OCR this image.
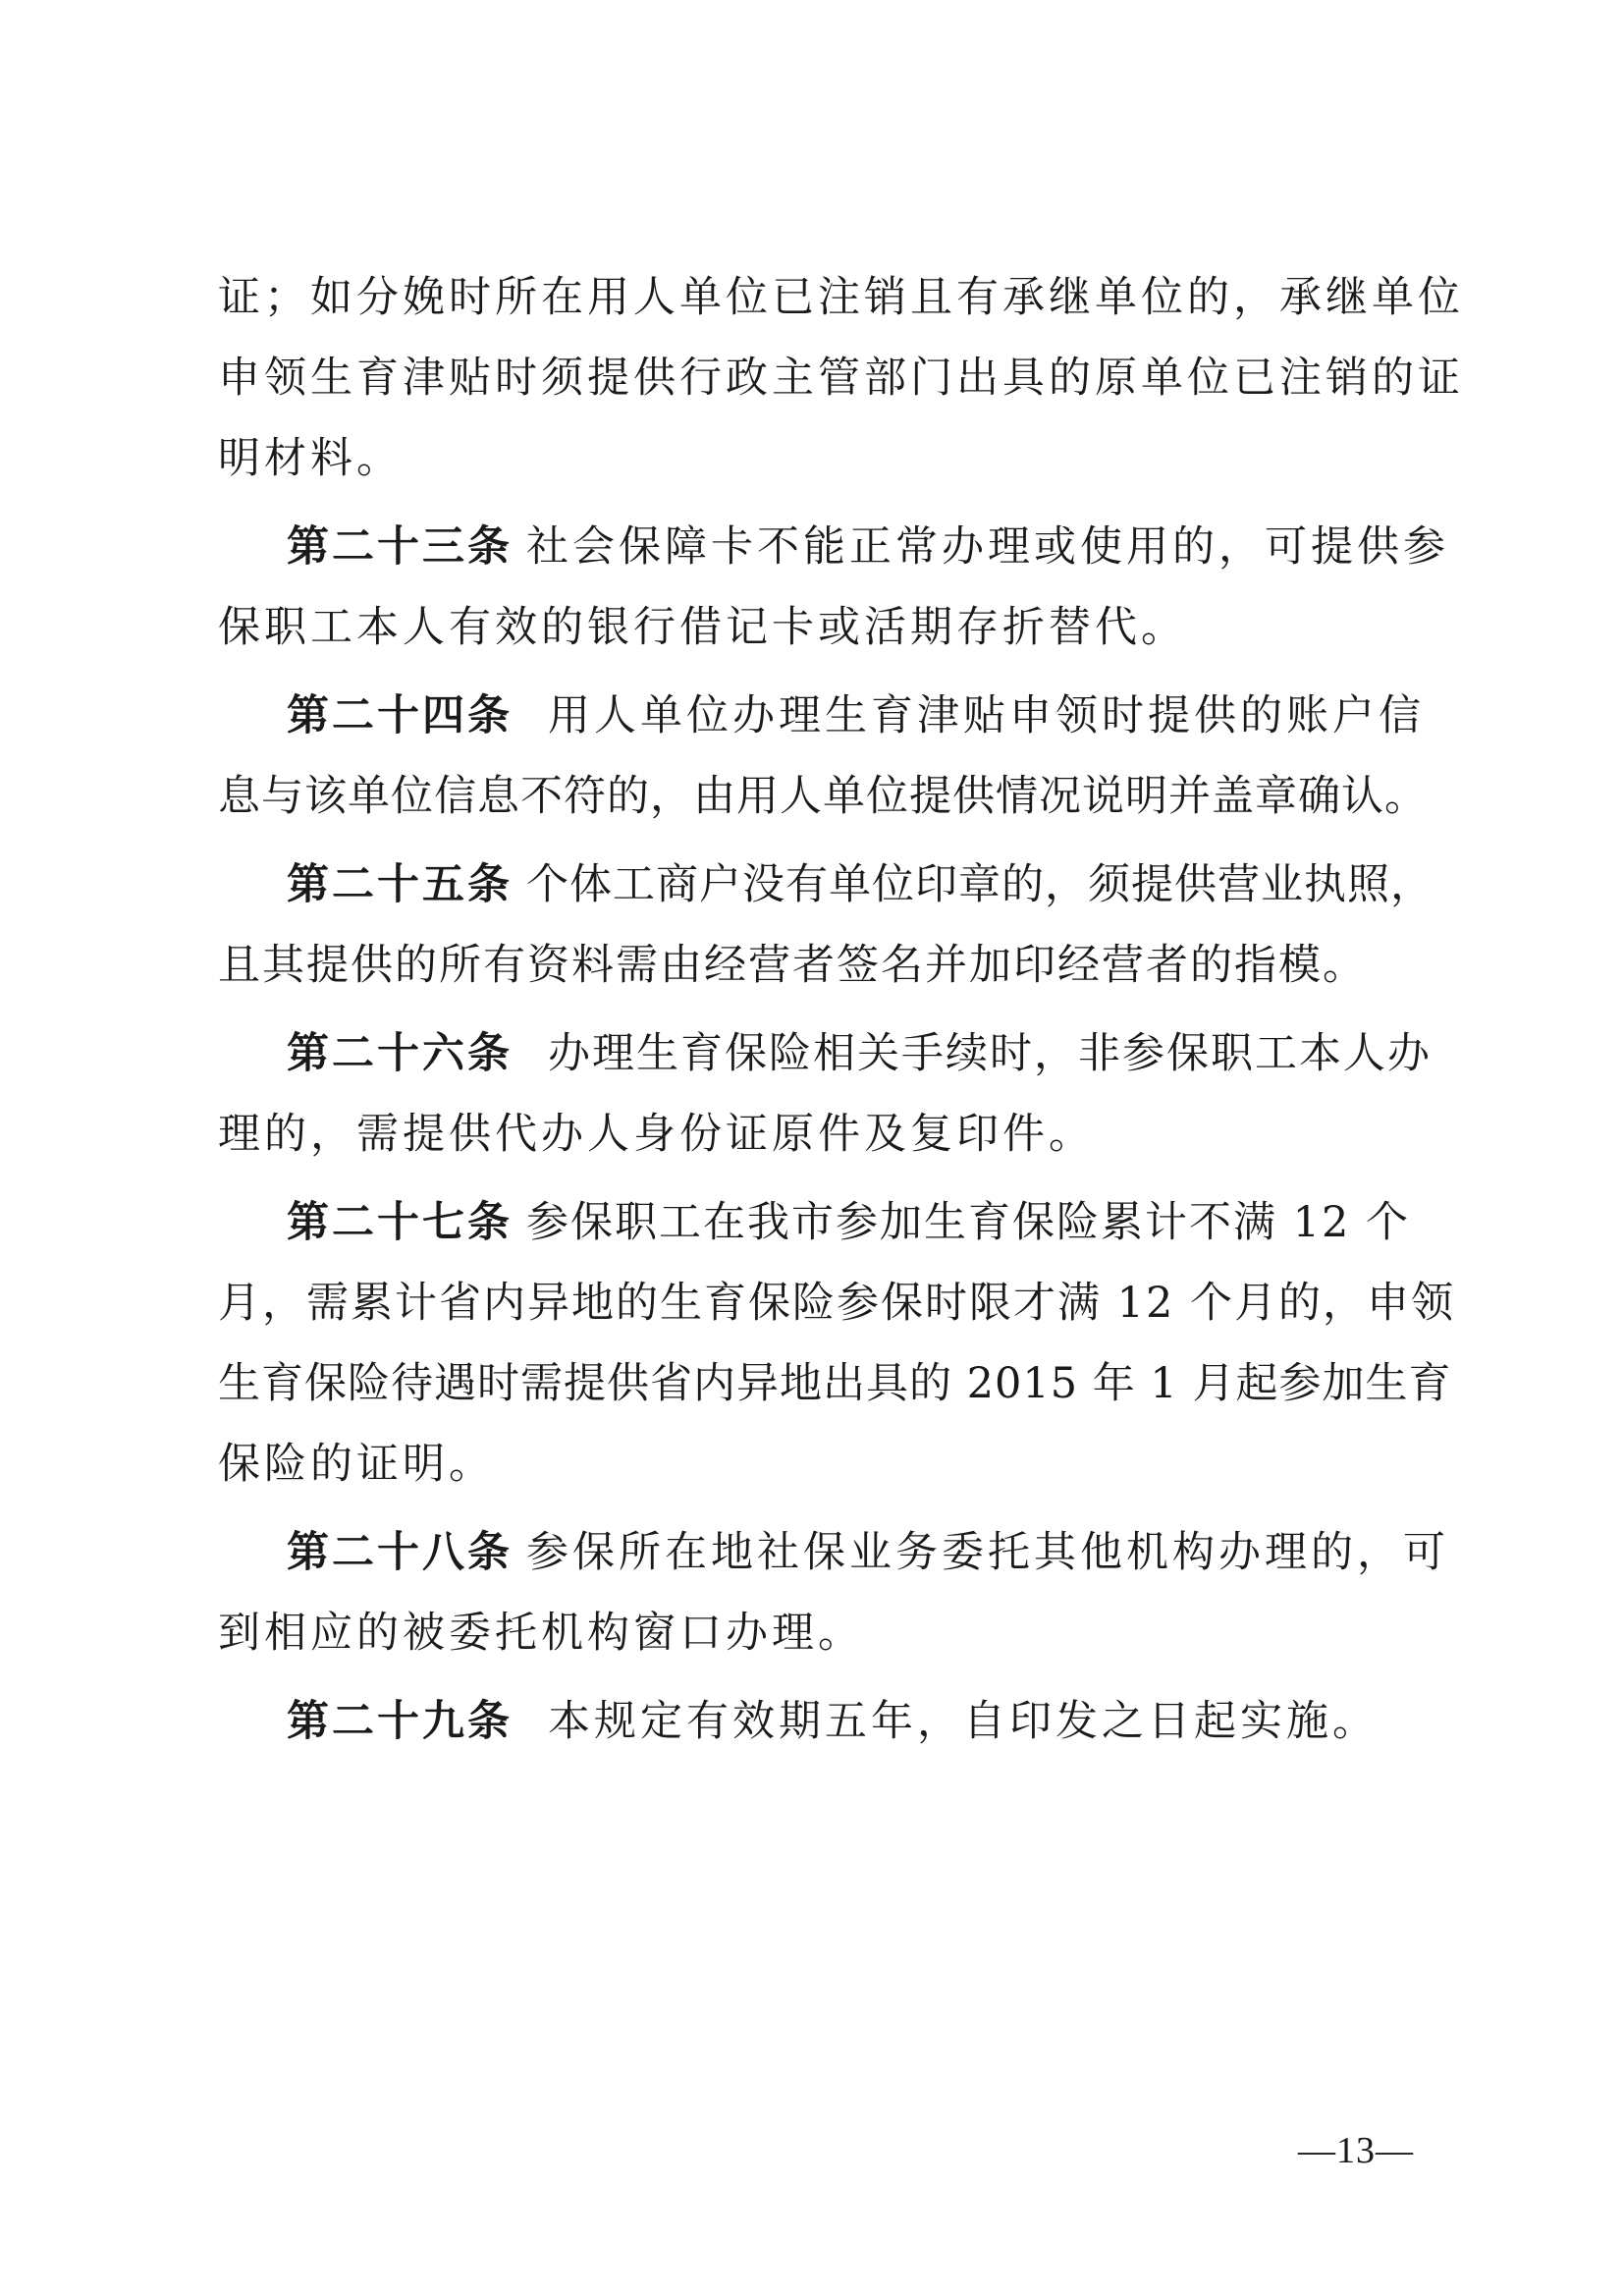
证；如分娩时所在用人单位已注销且有承继单位的，承继单位
申领生育津贴时须提供行政主管部门出具的原单位已注销的证
明材料。
第二十三条 社会保障卡不能正常办理或使用的，可提供参
保职工本人有效的银行借记卡或活期存折替代。
第二十四条 用人单位办理生育津贴申领时提供的账户信
息与该单位信息不符的，由用人单位提供情况说明并盖章确认。
第二十五条 个体工商户没有单位印章的，须提供营业执照，
且其提供的所有资料需由经营者签名并加印经营者的指模。
第二十六条 办理生育保险相关手续时，非参保职工本人办
理的，需提供代办人身份证原件及复印件。
第二十七条 参保职工在我市参加生育保险累计不满 12 个
月，需累计省内异地的生育保险参保时限才满 12 个月的，申领
生育保险待遇时需提供省内异地出具的 2015 年 1 月起参加生育
保险的证明。
第二十八条 参保所在地社保业务委托其他机构办理的，可
到相应的被委托机构窗口办理。
第二十九条 本规定有效期五年，自印发之日起实施。
—13—
